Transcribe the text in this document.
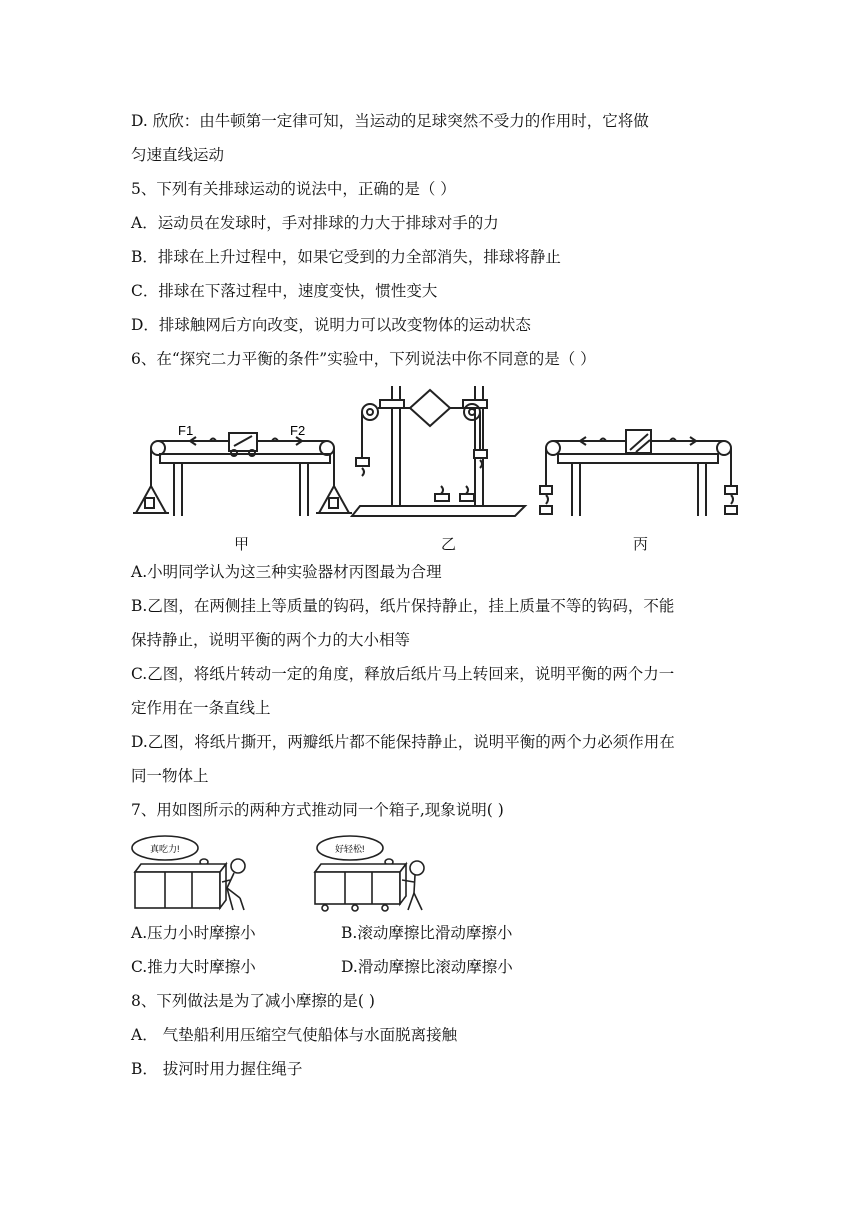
D. 欣欣：由牛顿第一定律可知，当运动的足球突然不受力的作用时，它将做
匀速直线运动
5、下列有关排球运动的说法中，正确的是（ ）
A．运动员在发球时，手对排球的力大于排球对手的力
B．排球在上升过程中，如果它受到的力全部消失，排球将静止
C．排球在下落过程中，速度变快，惯性变大
D．排球触网后方向改变，说明力可以改变物体的运动状态
6、在“探究二力平衡的条件”实验中，下列说法中你不同意的是（ ）
F1	F2
甲	乙	丙
A.小明同学认为这三种实验器材丙图最为合理
B.乙图，在两侧挂上等质量的钩码，纸片保持静止，挂上质量不等的钩码，不能
保持静止，说明平衡的两个力的大小相等
C.乙图，将纸片转动一定的角度，释放后纸片马上转回来，说明平衡的两个力一
定作用在一条直线上
D.乙图，将纸片撕开，两瓣纸片都不能保持静止，说明平衡的两个力必须作用在
同一物体上
7、用如图所示的两种方式推动同一个箱子,现象说明( )
真吃力!	好轻松!
A.压力小时摩擦小	B.滚动摩擦比滑动摩擦小
C.推力大时摩擦小	D.滑动摩擦比滚动摩擦小
8、下列做法是为了减小摩擦的是( )
A． 气垫船利用压缩空气使船体与水面脱离接触
B． 拔河时用力握住绳子
